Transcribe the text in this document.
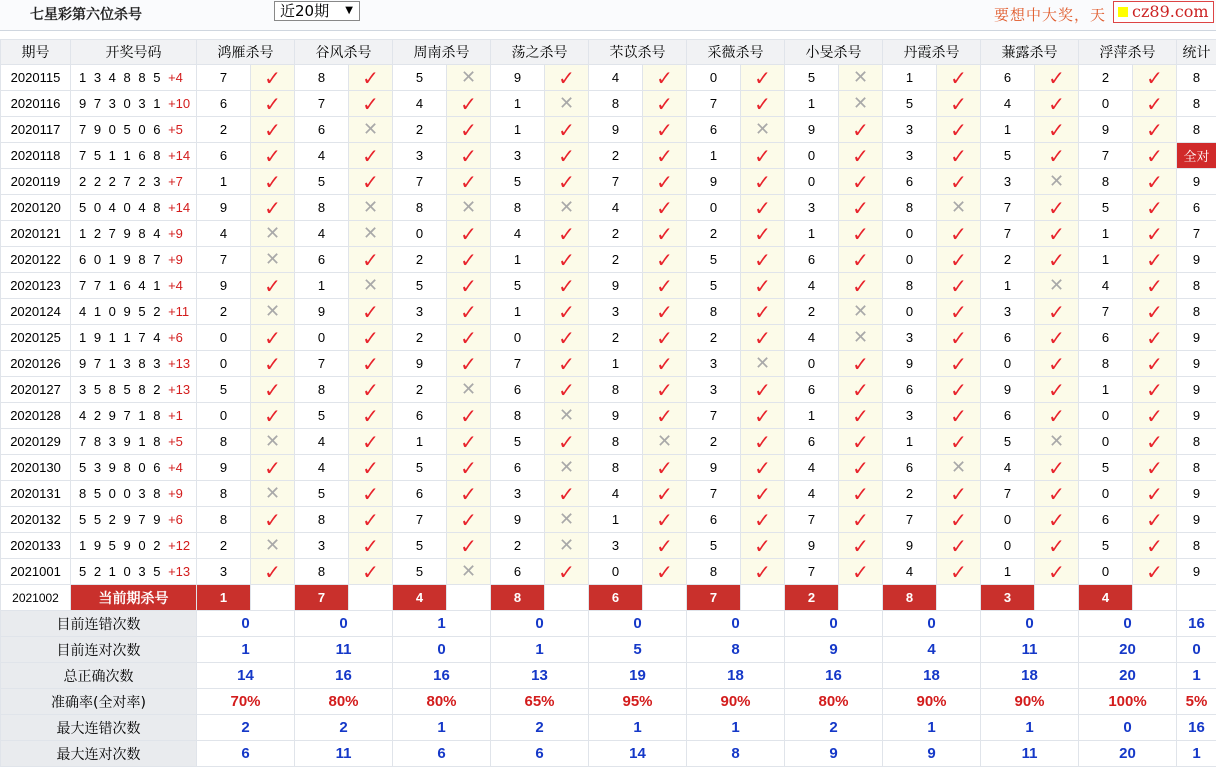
七星彩第六位杀号	近20期 ▼	要想中大奖，天	cz89.com
期号	开奖号码	鸿雁杀号		谷风杀号		周南杀号		荡之杀号		芣苡杀号		采薇杀号		小旻杀号		丹霞杀号		蒹露杀号		浮萍杀号		统计
2020115	1 3 4 8 8 5 +4	7	✓	8	✓	5	✕	9	✓	4	✓	0	✓	5	✕	1	✓	6	✓	2	✓	8
2020116	9 7 3 0 3 1 +10	6	✓	7	✓	4	✓	1	✕	8	✓	7	✓	1	✕	5	✓	4	✓	0	✓	8
2020117	7 9 0 5 0 6 +5	2	✓	6	✕	2	✓	1	✓	9	✓	6	✕	9	✓	3	✓	1	✓	9	✓	8
2020118	7 5 1 1 6 8 +14	6	✓	4	✓	3	✓	3	✓	2	✓	1	✓	0	✓	3	✓	5	✓	7	✓	全对
2020119	2 2 2 7 2 3 +7	1	✓	5	✓	7	✓	5	✓	7	✓	9	✓	0	✓	6	✓	3	✕	8	✓	9
2020120	5 0 4 0 4 8 +14	9	✓	8	✕	8	✕	8	✕	4	✓	0	✓	3	✓	8	✕	7	✓	5	✓	6
2020121	1 2 7 9 8 4 +9	4	✕	4	✕	0	✓	4	✓	2	✓	2	✓	1	✓	0	✓	7	✓	1	✓	7
2020122	6 0 1 9 8 7 +9	7	✕	6	✓	2	✓	1	✓	2	✓	5	✓	6	✓	0	✓	2	✓	1	✓	9
2020123	7 7 1 6 4 1 +4	9	✓	1	✕	5	✓	5	✓	9	✓	5	✓	4	✓	8	✓	1	✕	4	✓	8
2020124	4 1 0 9 5 2 +11	2	✕	9	✓	3	✓	1	✓	3	✓	8	✓	2	✕	0	✓	3	✓	7	✓	8
2020125	1 9 1 1 7 4 +6	0	✓	0	✓	2	✓	0	✓	2	✓	2	✓	4	✕	3	✓	6	✓	6	✓	9
2020126	9 7 1 3 8 3 +13	0	✓	7	✓	9	✓	7	✓	1	✓	3	✕	0	✓	9	✓	0	✓	8	✓	9
2020127	3 5 8 5 8 2 +13	5	✓	8	✓	2	✕	6	✓	8	✓	3	✓	6	✓	6	✓	9	✓	1	✓	9
2020128	4 2 9 7 1 8 +1	0	✓	5	✓	6	✓	8	✕	9	✓	7	✓	1	✓	3	✓	6	✓	0	✓	9
2020129	7 8 3 9 1 8 +5	8	✕	4	✓	1	✓	5	✓	8	✕	2	✓	6	✓	1	✓	5	✕	0	✓	8
2020130	5 3 9 8 0 6 +4	9	✓	4	✓	5	✓	6	✕	8	✓	9	✓	4	✓	6	✕	4	✓	5	✓	8
2020131	8 5 0 0 3 8 +9	8	✕	5	✓	6	✓	3	✓	4	✓	7	✓	4	✓	2	✓	7	✓	0	✓	9
2020132	5 5 2 9 7 9 +6	8	✓	8	✓	7	✓	9	✕	1	✓	6	✓	7	✓	7	✓	0	✓	6	✓	9
2020133	1 9 5 9 0 2 +12	2	✕	3	✓	5	✓	2	✕	3	✓	5	✓	9	✓	9	✓	0	✓	5	✓	8
2021001	5 2 1 0 3 5 +13	3	✓	8	✓	5	✕	6	✓	0	✓	8	✓	7	✓	4	✓	1	✓	0	✓	9
2021002	当前期杀号	1		7		4		8		6		7		2		8		3		4		
目前连错次数		0		0		1		0		0		0		0		0		0		0		16
目前连对次数		1		11		0		1		5		8		9		4		11		20		0
总正确次数		14		16		16		13		19		18		16		18		18		20		1
准确率(全对率)		70%		80%		80%		65%		95%		90%		80%		90%		90%		100%		5%
最大连错次数		2		2		1		2		1		1		2		1		1		0		16
最大连对次数		6		11		6		6		14		8		9		9		11		20		1
